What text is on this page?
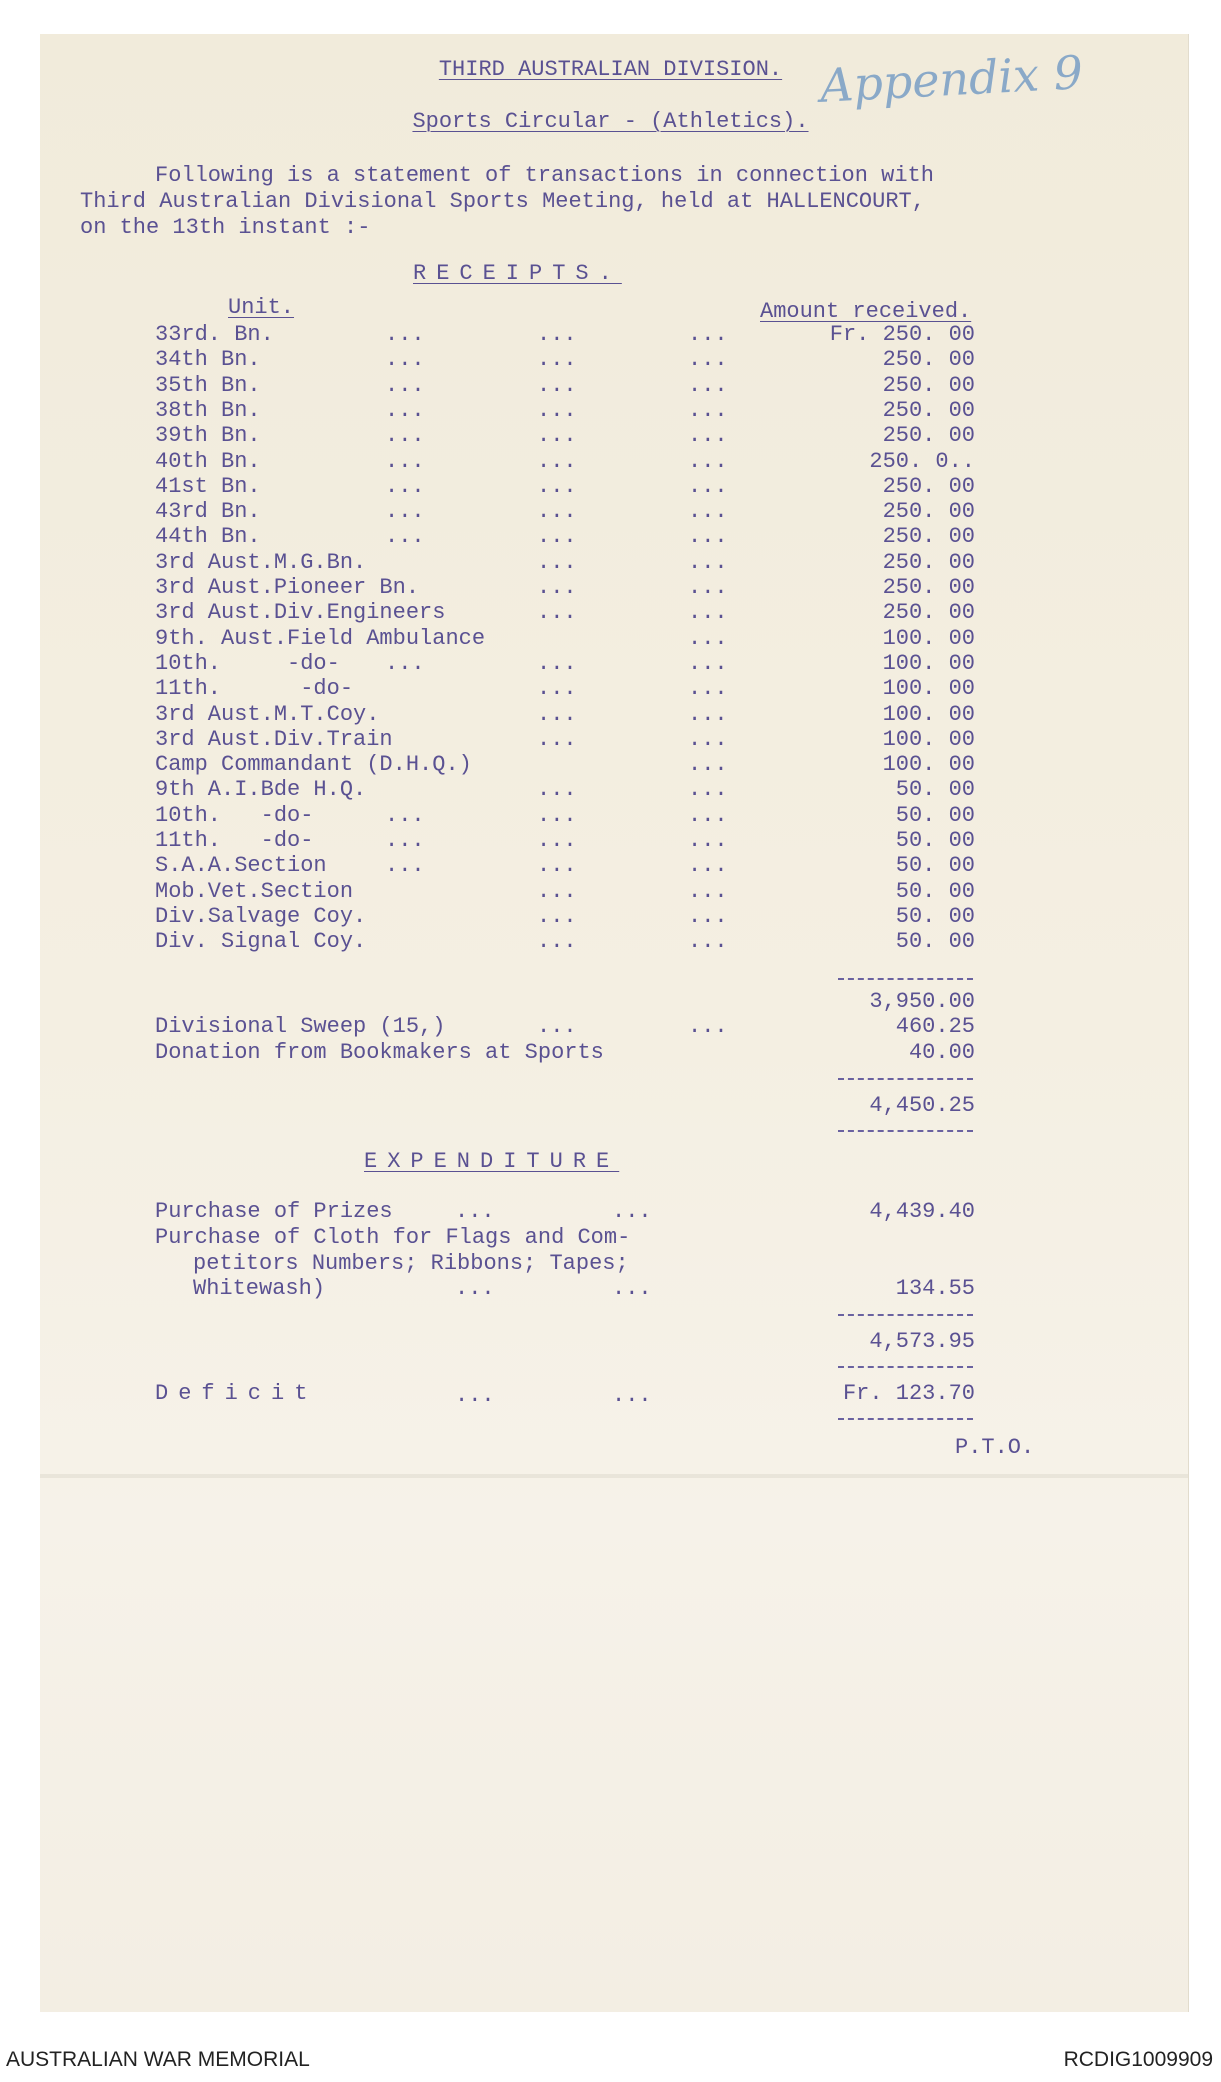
THIRD AUSTRALIAN DIVISION. Appendix 9
Sports Circular - (Athletics).
Following is a statement of transactions in connection with
Third Australian Divisional Sports Meeting, held at HALLENCOURT,
on the 13th instant :-
RECEIPTS.
Unit.	Amount received.
33rd. Bn.	...	...	...	Fr. 250. 00
34th Bn.	...	...	...	250. 00
35th Bn.	...	...	...	250. 00
38th Bn.	...	...	...	250. 00
39th Bn.	...	...	...	250. 00
40th Bn.	...	...	...	250. 0..
41st Bn.	...	...	...	250. 00
43rd Bn.	...	...	...	250. 00
44th Bn.	...	...	...	250. 00
3rd Aust.M.G.Bn.	...	...	250. 00
3rd Aust.Pioneer Bn.	...	...	250. 00
3rd Aust.Div.Engineers	...	...	250. 00
9th. Aust.Field Ambulance	...	100. 00
10th.     -do- ...	...	...	100. 00
11th.      -do-	...	...	100. 00
3rd Aust.M.T.Coy.	...	...	100. 00
3rd Aust.Div.Train	...	...	100. 00
Camp Commandant (D.H.Q.)	...	100. 00
9th A.I.Bde H.Q.	...	...	50. 00
10th.   -do-	...	...	...	50. 00
11th.   -do-	...	...	...	50. 00
S.A.A.Section	...	...	...	50. 00
Mob.Vet.Section	...	...	50. 00
Div.Salvage Coy.	...	...	50. 00
Div. Signal Coy.	...	...	50. 00
3,950.00
Divisional Sweep (15,)	...	...	460.25
Donation from Bookmakers at Sports	40.00
4,450.25
EXPENDITURE
Purchase of Prizes	...	...	4,439.40
Purchase of Cloth for Flags and Com-
petitors Numbers; Ribbons; Tapes;
Whitewash)	...	...	134.55
4,573.95
Deficit	...	...	Fr. 123.70
P.T.O.
AUSTRALIAN WAR MEMORIAL	RCDIG1009909
